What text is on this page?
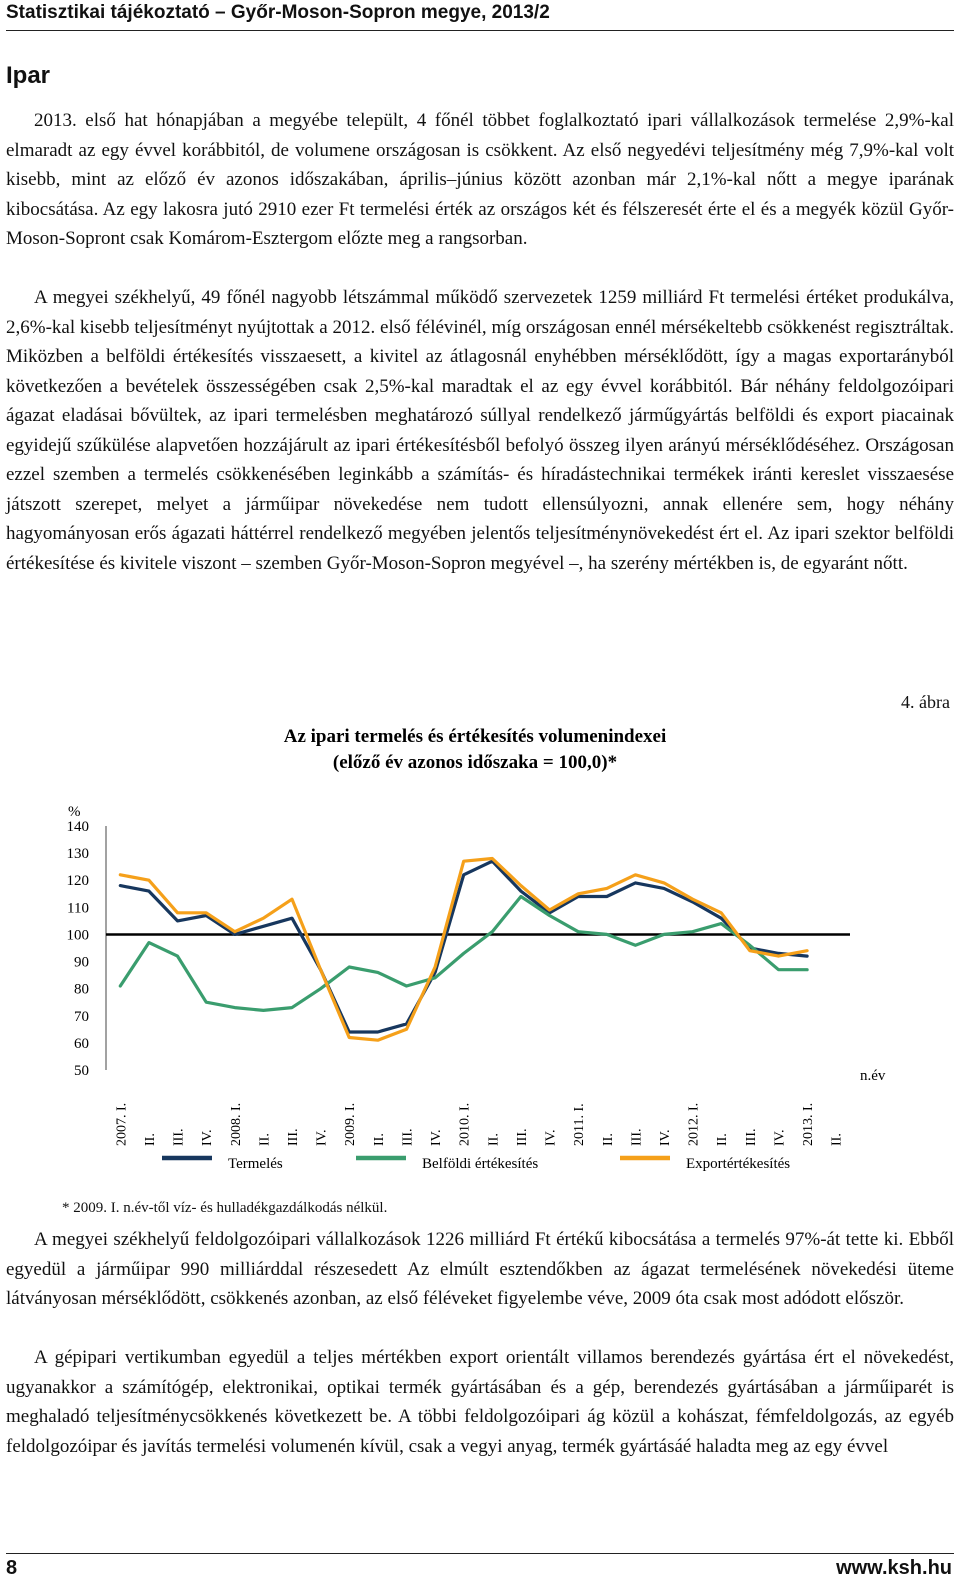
Statisztikai tájékoztató – Győr-Moson-Sopron megye, 2013/2
Ipar

2013. első hat hónapjában a megyébe települt, 4 főnél többet foglalkoztató ipari vállalkozások termelése 2,9%-kal elmaradt az egy évvel korábbitól, de volumene országosan is csökkent. Az első negyedévi teljesítmény még 7,9%-kal volt kisebb, mint az előző év azonos időszakában, április–június között azonban már 2,1%-kal nőtt a megye iparának kibocsátása. Az egy lakosra jutó 2910 ezer Ft termelési érték az országos két és félszeresét érte el és a megyék közül Győr-Moson-Sopront csak Komárom-Esztergom előzte meg a rangsorban.

A megyei székhelyű, 49 főnél nagyobb létszámmal működő szervezetek 1259 milliárd Ft termelési értéket produkálva, 2,6%-kal kisebb teljesítményt nyújtottak a 2012. első félévinél, míg országosan ennél mérsékeltebb csökkenést regisztráltak. Miközben a belföldi értékesítés visszaesett, a kivitel az átlagosnál enyhébben mérséklődött, így a magas exportarányból következően a bevételek összességében csak 2,5%-kal maradtak el az egy évvel korábbitól. Bár néhány feldolgozóipari ágazat eladásai bővültek, az ipari termelésben meghatározó súllyal rendelkező járműgyártás belföldi és export piacainak egyidejű szűkülése alapvetően hozzájárult az ipari értékesítésből befolyó összeg ilyen arányú mérséklődéséhez. Országosan ezzel szemben a termelés csökkenésében leginkább a számítás- és híradástechnikai termékek iránti kereslet visszaesése játszott szerepet, melyet a járműipar növekedése nem tudott ellensúlyozni, annak ellenére sem, hogy néhány hagyományosan erős ágazati háttérrel rendelkező megyében jelentős teljesítménynövekedést ért el. Az ipari szektor belföldi értékesítése és kivitele viszont – szemben Győr-Moson-Sopron megyével –, ha szerény mértékben is, de egyaránt nőtt.

4. ábra
Az ipari termelés és értékesítés volumenindexei
(előző év azonos időszaka = 100,0)*
%
50
60
70
80
90
100
110
120
130
140
2007. I. II. III. IV. 2008. I. II. III. IV. 2009. I. II. III. IV. 2010. I. II. III. IV. 2011. I. II. III. IV. 2012. I. II. III. IV. 2013. I. II.
n.év
Termelés	Belföldi értékesítés	Exportértékesítés
* 2009. I. n.év-től víz- és hulladékgazdálkodás nélkül.

A megyei székhelyű feldolgozóipari vállalkozások 1226 milliárd Ft értékű kibocsátása a termelés 97%-át tette ki. Ebből egyedül a járműipar 990 milliárddal részesedett Az elmúlt esztendőkben az ágazat termelésének növekedési üteme látványosan mérséklődött, csökkenés azonban, az első féléveket figyelembe véve, 2009 óta csak most adódott először.

A gépipari vertikumban egyedül a teljes mértékben export orientált villamos berendezés gyártása ért el növekedést, ugyanakkor a számítógép, elektronikai, optikai termék gyártásában és a gép, berendezés gyártásában a járműiparét is meghaladó teljesítménycsökkenés következett be. A többi feldolgozóipari ág közül a kohászat, fémfeldolgozás, az egyéb feldolgozóipar és javítás termelési volumenén kívül, csak a vegyi anyag, termék gyártásáé haladta meg az egy évvel

8	www.ksh.hu
